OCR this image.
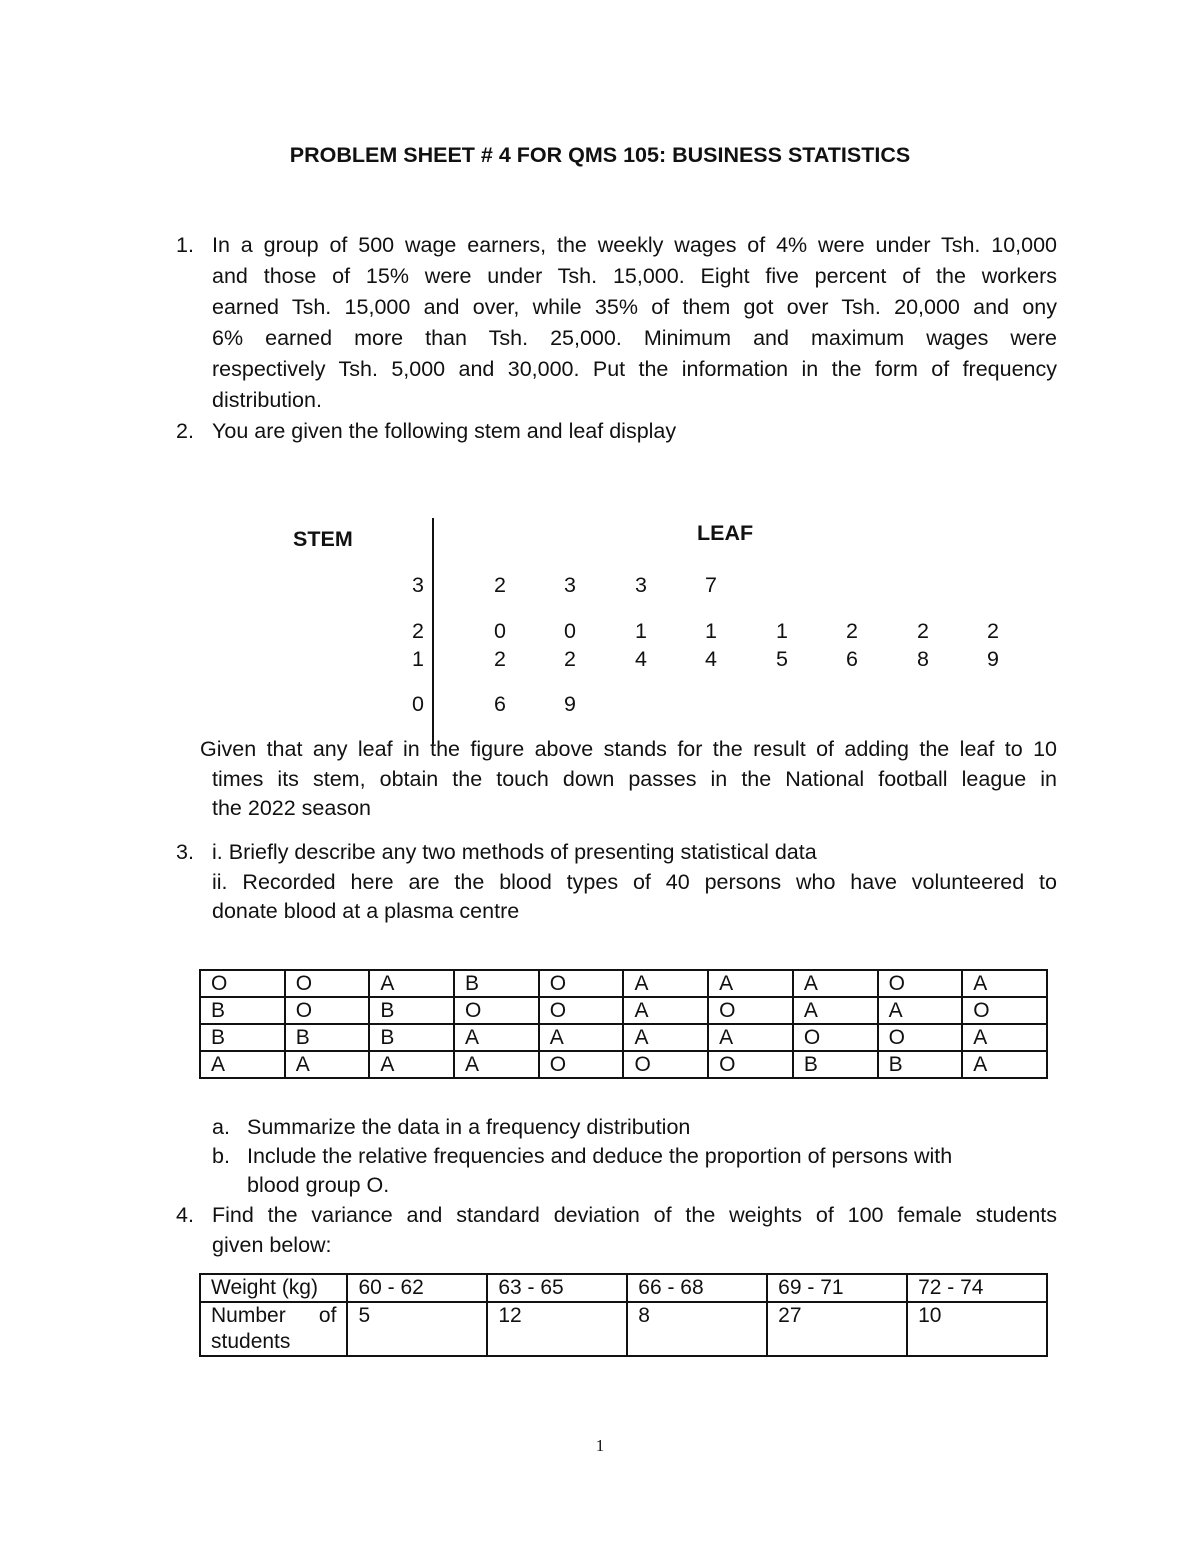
PROBLEM SHEET # 4 FOR QMS 105: BUSINESS STATISTICS
1. In a group of 500 wage earners, the weekly wages of 4% were under Tsh. 10,000
and those of 15% were under Tsh. 15,000. Eight five percent of the workers
earned Tsh. 15,000 and over, while 35% of them got over Tsh. 20,000 and ony
6% earned more than Tsh. 25,000. Minimum and maximum wages were
respectively Tsh. 5,000 and 30,000. Put the information in the form of frequency
distribution.
2. You are given the following stem and leaf display
STEM	LEAF
3	2	3	3	7
2	0	0	1	1	1	2	2	2
1	2	2	4	4	5	6	8	9
0	6	9
Given that any leaf in the figure above stands for the result of adding the leaf to 10
times its stem, obtain the touch down passes in the National football league in
the 2022 season
3. i. Briefly describe any two methods of presenting statistical data
ii. Recorded here are the blood types of 40 persons who have volunteered to
donate blood at a plasma centre
O	O	A	B	O	A	A	A	O	A
B	O	B	O	O	A	O	A	A	O
B	B	B	A	A	A	A	O	O	A
A	A	A	A	O	O	O	B	B	A
a. Summarize the data in a frequency distribution
b. Include the relative frequencies and deduce the proportion of persons with
blood group O.
4. Find the variance and standard deviation of the weights of 100 female students
given below:
Weight (kg)	60 - 62	63 - 65	66 - 68	69 - 71	72 - 74

Number of
students	5	12	8	27	10
1
